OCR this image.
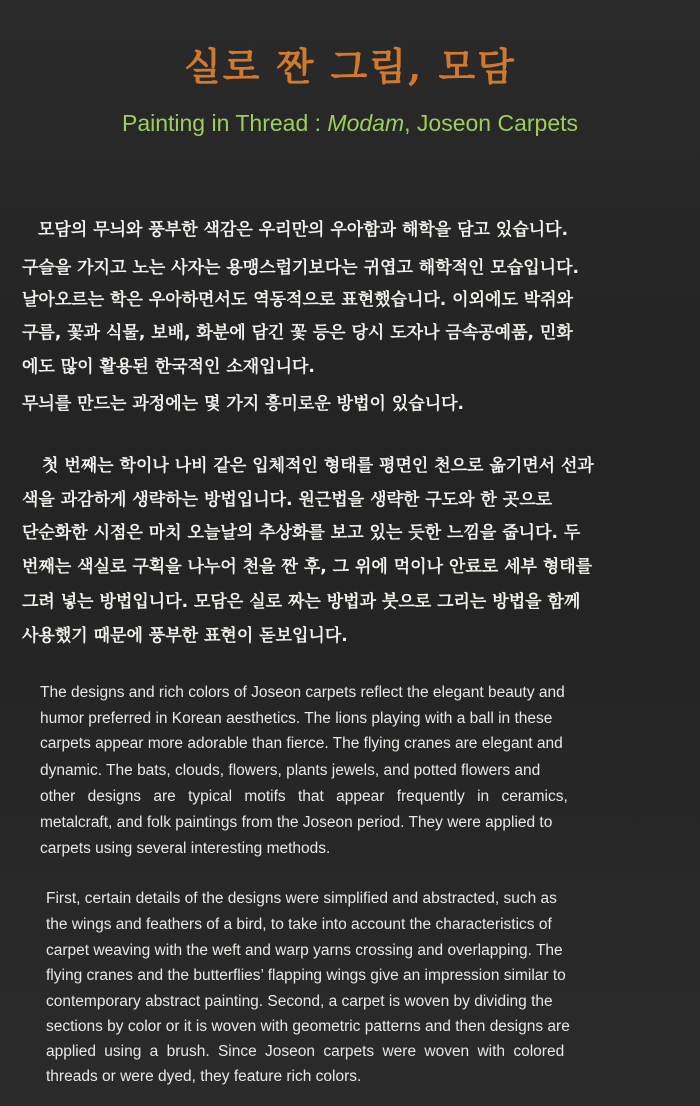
실로 짠 그림, 모담
Painting in Thread : Modam, Joseon Carpets
모담의 무늬와 풍부한 색감은 우리만의 우아함과 해학을 담고 있습니다.
구슬을 가지고 노는 사자는 용맹스럽기보다는 귀엽고 해학적인 모습입니다.
날아오르는 학은 우아하면서도 역동적으로 표현했습니다. 이외에도 박쥐와
구름, 꽃과 식물, 보배, 화분에 담긴 꽃 등은 당시 도자나 금속공예품, 민화
에도 많이 활용된 한국적인 소재입니다.
무늬를 만드는 과정에는 몇 가지 흥미로운 방법이 있습니다.
첫 번째는 학이나 나비 같은 입체적인 형태를 평면인 천으로 옮기면서 선과
색을 과감하게 생략하는 방법입니다. 원근법을 생략한 구도와 한 곳으로
단순화한 시점은 마치 오늘날의 추상화를 보고 있는 듯한 느낌을 줍니다. 두
번째는 색실로 구획을 나누어 천을 짠 후, 그 위에 먹이나 안료로 세부 형태를
그려 넣는 방법입니다. 모담은 실로 짜는 방법과 붓으로 그리는 방법을 함께
사용했기 때문에 풍부한 표현이 돋보입니다.
The designs and rich colors of Joseon carpets reflect the elegant beauty and
humor preferred in Korean aesthetics. The lions playing with a ball in these
carpets appear more adorable than fierce. The flying cranes are elegant and
dynamic. The bats, clouds, flowers, plants jewels, and potted flowers and
other designs are typical motifs that appear frequently in ceramics,
metalcraft, and folk paintings from the Joseon period. They were applied to
carpets using several interesting methods.
First, certain details of the designs were simplified and abstracted, such as
the wings and feathers of a bird, to take into account the characteristics of
carpet weaving with the weft and warp yarns crossing and overlapping. The
flying cranes and the butterflies’ flapping wings give an impression similar to
contemporary abstract painting. Second, a carpet is woven by dividing the
sections by color or it is woven with geometric patterns and then designs are
applied using a brush. Since Joseon carpets were woven with colored
threads or were dyed, they feature rich colors.
